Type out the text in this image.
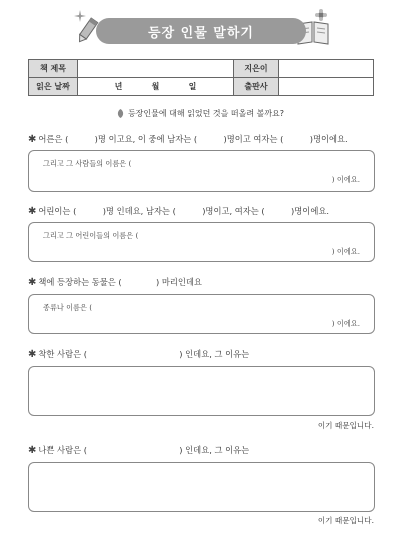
등장 인물 말하기
책 제목		지은이	
읽은 날짜	년 월 일	출판사	
등장인물에 대해 읽었던 것을 떠올려 볼까요?
✱ 어른은 (          )명 이고요, 이 중에 남자는 (          )명이고 여자는 (          )명이에요.
그리고 그 사람들의 이름은 (
) 이에요.
✱ 어린이는 (          )명 인데요, 남자는 (          )명이고, 여자는 (          )명이에요.
그리고 그 어린이들의 이름은 (
) 이에요.
✱ 책에 등장하는 동물은 (             ) 마리인데요
종류나 이름은 (
) 이에요.
✱ 착한 사람은 (                                   ) 인데요, 그 이유는
이기 때문입니다.
✱ 나쁜 사람은 (                                   ) 인데요, 그 이유는
이기 때문입니다.
